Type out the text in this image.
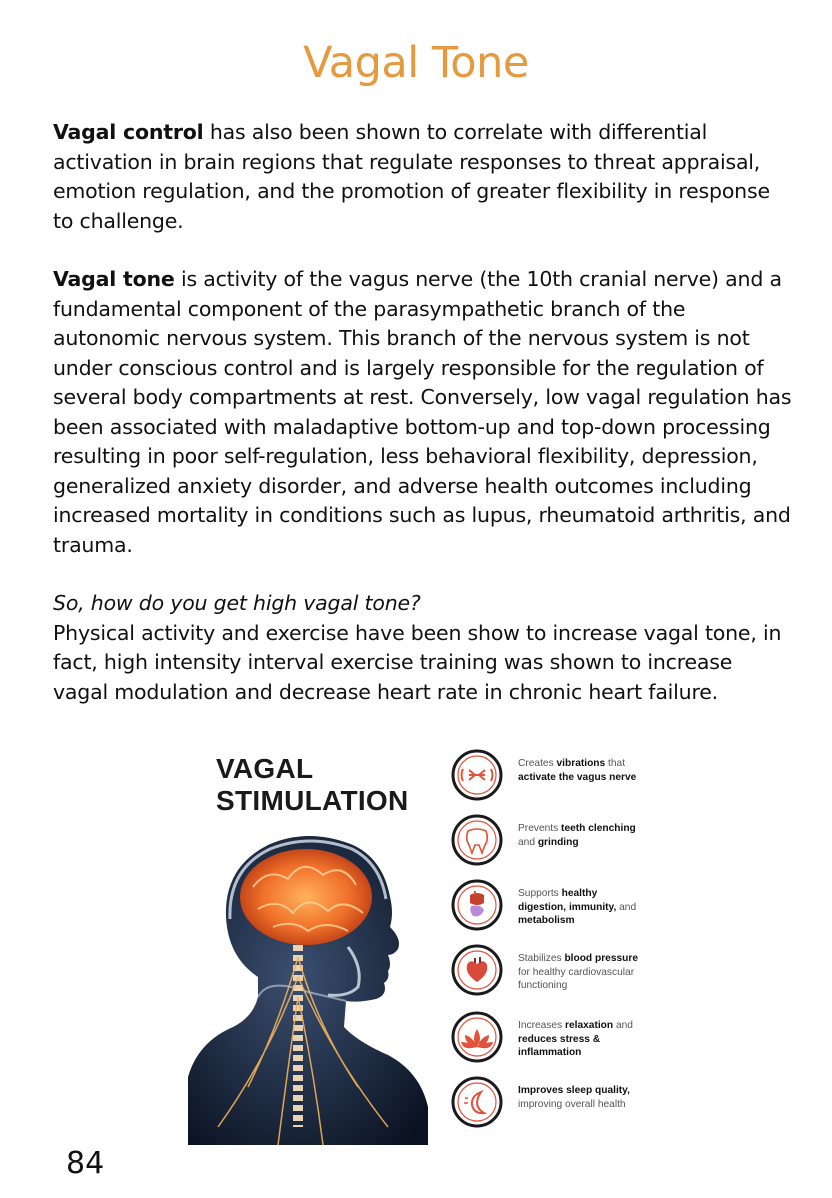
Vagal Tone

Vagal control has also been shown to correlate with differential activation in brain regions that regulate responses to threat appraisal, emotion regulation, and the promotion of greater flexibility in response to challenge.

Vagal tone is activity of the vagus nerve (the 10th cranial nerve) and a fundamental component of the parasympathetic branch of the autonomic nervous system. This branch of the nervous system is not under conscious control and is largely responsible for the regulation of several body compartments at rest. Conversely, low vagal regulation has been associated with maladaptive bottom-up and top-down processing resulting in poor self-regulation, less behavioral flexibility, depression, generalized anxiety disorder, and adverse health outcomes including increased mortality in conditions such as lupus, rheumatoid arthritis, and trauma.

So, how do you get high vagal tone?

Physical activity and exercise have been show to increase vagal tone, in fact, high intensity interval exercise training was shown to increase vagal modulation and decrease heart rate in chronic heart failure.

VAGAL
STIMULATION
Creates vibrations that activate the vagus nerve
Prevents teeth clenching and grinding
Supports healthy digestion, immunity, and metabolism
Stabilizes blood pressure for healthy cardiovascular functioning
Increases relaxation and reduces stress & inflammation
Improves sleep quality, improving overall health
84
